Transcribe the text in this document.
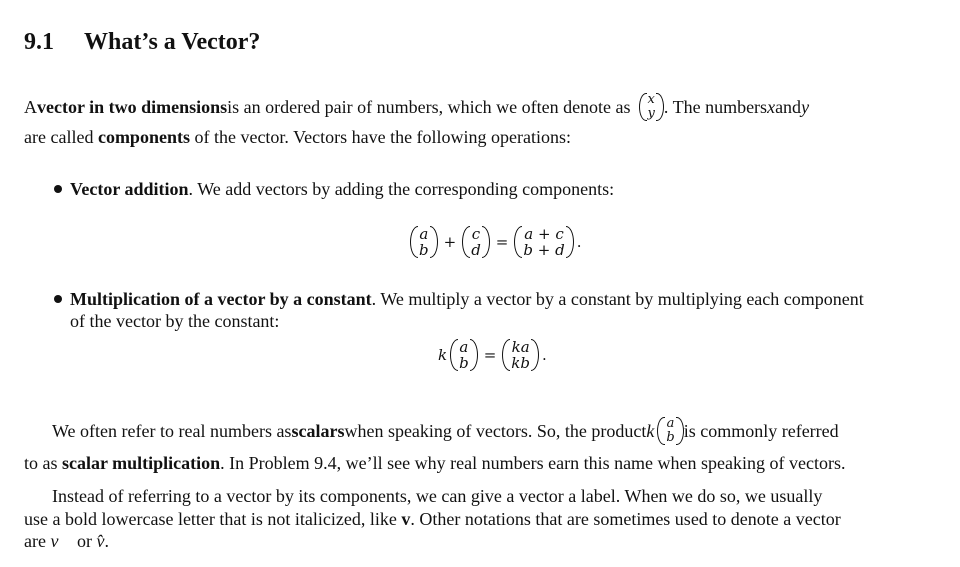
9.1 What’s a Vector?
A vector in two dimensions is an ordered pair of numbers, which we often denote as x
y . The numbers x and y
are called components of the vector. Vectors have the following operations:
Vector addition. We add vectors by adding the corresponding components:
a
b + c
d = a + c
b + d .
Multiplication of a vector by a constant. We multiply a vector by a constant by multiplying each component
of the vector by the constant:
k a
b = ka
kb .
We often refer to real numbers as scalars when speaking of vectors. So, the product k a
b is commonly referred
to as scalar multiplication. In Problem 9.4, we’ll see why real numbers earn this name when speaking of vectors.
Instead of referring to a vector by its components, we can give a vector a label. When we do so, we usually
use a bold lowercase letter that is not italicized, like v. Other notations that are sometimes used to denote a vector
are v⃗ or v̂.
